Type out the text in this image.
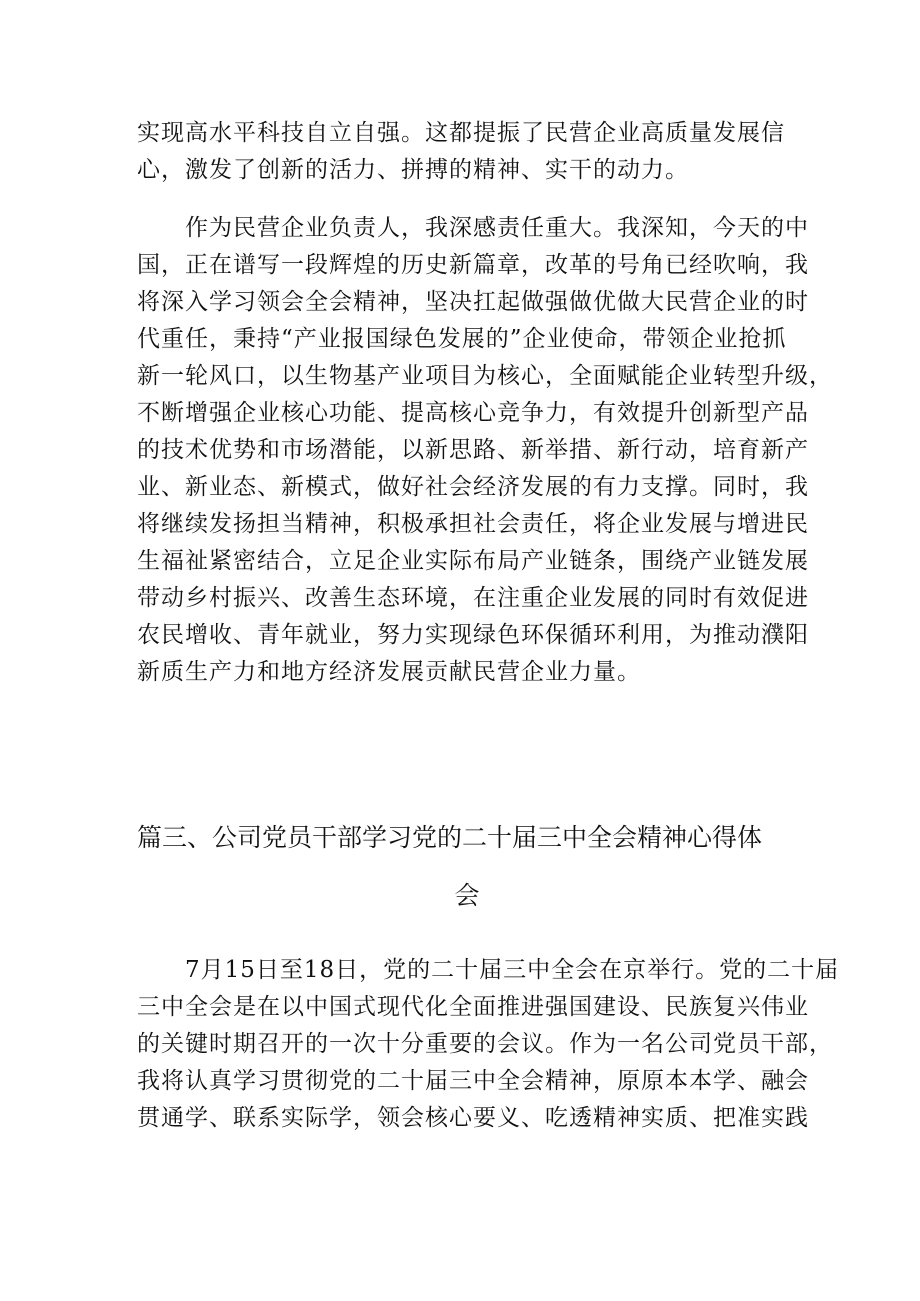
实现高水平科技自立自强。这都提振了民营企业高质量发展信
心，激发了创新的活力、拼搏的精神、实干的动力。
　　作为民营企业负责人，我深感责任重大。我深知，今天的中
国，正在谱写一段辉煌的历史新篇章，改革的号角已经吹响，我
将深入学习领会全会精神，坚决扛起做强做优做大民营企业的时
代重任，秉持“产业报国绿色发展的”企业使命，带领企业抢抓
新一轮风口，以生物基产业项目为核心，全面赋能企业转型升级，
不断增强企业核心功能、提高核心竞争力，有效提升创新型产品
的技术优势和市场潜能，以新思路、新举措、新行动，培育新产
业、新业态、新模式，做好社会经济发展的有力支撑。同时，我
将继续发扬担当精神，积极承担社会责任，将企业发展与增进民
生福祉紧密结合，立足企业实际布局产业链条，围绕产业链发展
带动乡村振兴、改善生态环境，在注重企业发展的同时有效促进
农民增收、青年就业，努力实现绿色环保循环利用，为推动濮阳
新质生产力和地方经济发展贡献民营企业力量。
篇三、公司党员干部学习党的二十届三中全会精神心得体
会
　　7月15日至18日，党的二十届三中全会在京举行。党的二十届
三中全会是在以中国式现代化全面推进强国建设、民族复兴伟业
的关键时期召开的一次十分重要的会议。作为一名公司党员干部，
我将认真学习贯彻党的二十届三中全会精神，原原本本学、融会
贯通学、联系实际学，领会核心要义、吃透精神实质、把准实践
